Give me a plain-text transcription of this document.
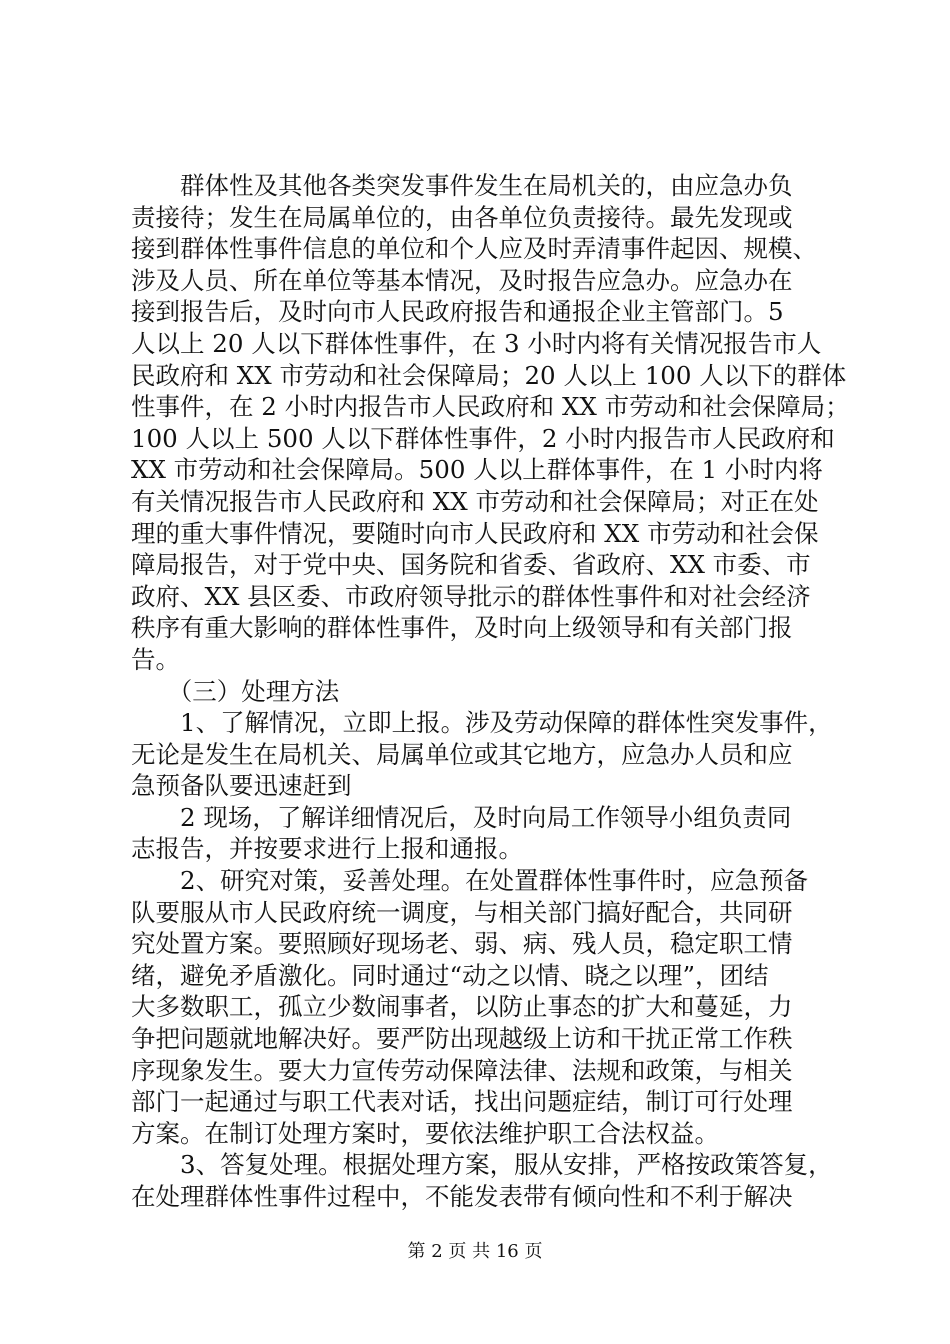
　　群体性及其他各类突发事件发生在局机关的，由应急办负
责接待；发生在局属单位的，由各单位负责接待。最先发现或
接到群体性事件信息的单位和个人应及时弄清事件起因、规模、
涉及人员、所在单位等基本情况，及时报告应急办。应急办在
接到报告后，及时向市人民政府报告和通报企业主管部门。5
人以上 20 人以下群体性事件，在 3 小时内将有关情况报告市人
民政府和 XX 市劳动和社会保障局；20 人以上 100 人以下的群体
性事件，在 2 小时内报告市人民政府和 XX 市劳动和社会保障局；
100 人以上 500 人以下群体性事件，2 小时内报告市人民政府和
XX 市劳动和社会保障局。500 人以上群体事件，在 1 小时内将
有关情况报告市人民政府和 XX 市劳动和社会保障局；对正在处
理的重大事件情况，要随时向市人民政府和 XX 市劳动和社会保
障局报告，对于党中央、国务院和省委、省政府、XX 市委、市
政府、XX 县区委、市政府领导批示的群体性事件和对社会经济
秩序有重大影响的群体性事件，及时向上级领导和有关部门报
告。
　　（三）处理方法
　　1、了解情况，立即上报。涉及劳动保障的群体性突发事件，
无论是发生在局机关、局属单位或其它地方，应急办人员和应
急预备队要迅速赶到
　　2 现场，了解详细情况后，及时向局工作领导小组负责同
志报告，并按要求进行上报和通报。
　　2、研究对策，妥善处理。在处置群体性事件时，应急预备
队要服从市人民政府统一调度，与相关部门搞好配合，共同研
究处置方案。要照顾好现场老、弱、病、残人员，稳定职工情
绪，避免矛盾激化。同时通过“动之以情、晓之以理”，团结
大多数职工，孤立少数闹事者，以防止事态的扩大和蔓延，力
争把问题就地解决好。要严防出现越级上访和干扰正常工作秩
序现象发生。要大力宣传劳动保障法律、法规和政策，与相关
部门一起通过与职工代表对话，找出问题症结，制订可行处理
方案。在制订处理方案时，要依法维护职工合法权益。
　　3、答复处理。根据处理方案，服从安排，严格按政策答复，
在处理群体性事件过程中，不能发表带有倾向性和不利于解决
第 2 页 共 16 页
